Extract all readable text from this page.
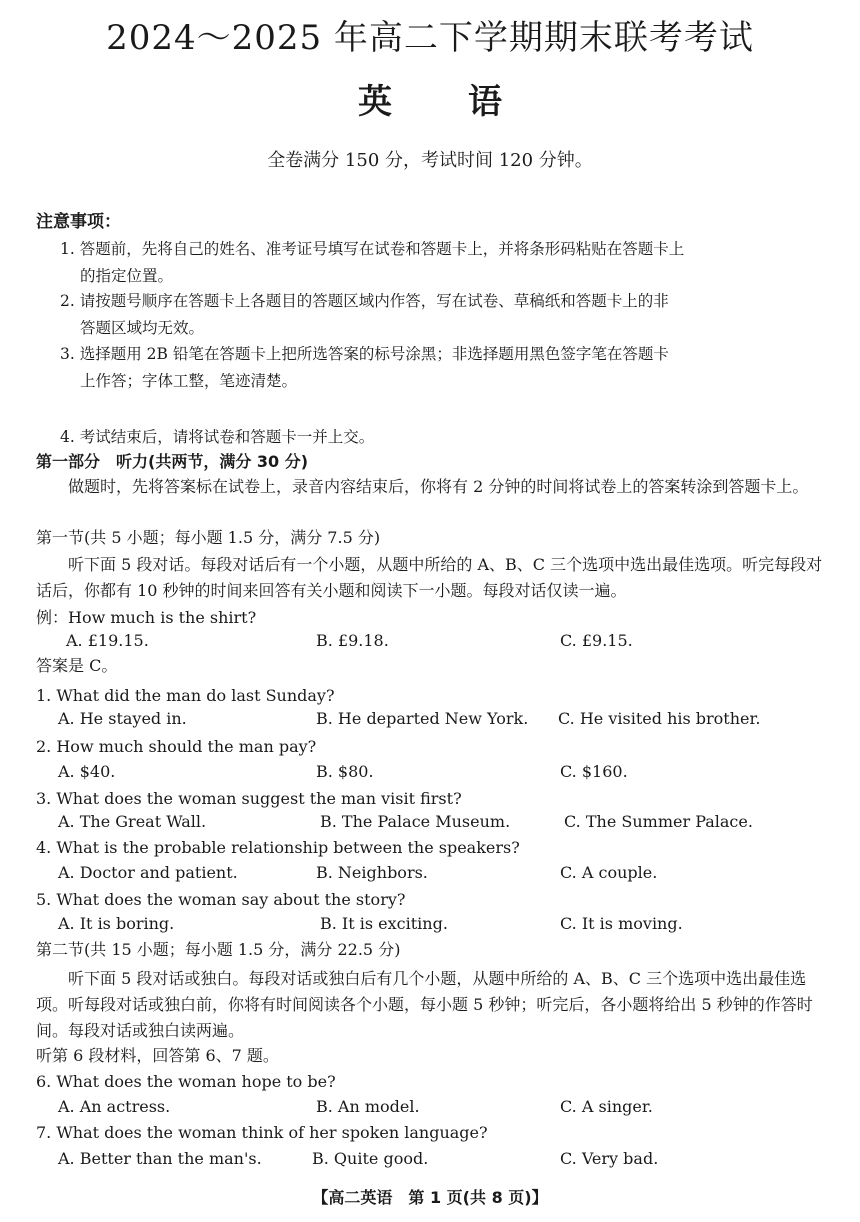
2024～2025 年高二下学期期末联考考试
英 语
全卷满分 150 分，考试时间 120 分钟。
注意事项：
1. 答题前，先将自己的姓名、准考证号填写在试卷和答题卡上，并将条形码粘贴在答题卡上
的指定位置。
2. 请按题号顺序在答题卡上各题目的答题区域内作答，写在试卷、草稿纸和答题卡上的非
答题区域均无效。
3. 选择题用 2B 铅笔在答题卡上把所选答案的标号涂黑；非选择题用黑色签字笔在答题卡
上作答；字体工整，笔迹清楚。
4. 考试结束后，请将试卷和答题卡一并上交。
第一部分　听力(共两节，满分 30 分)
做题时，先将答案标在试卷上，录音内容结束后，你将有 2 分钟的时间将试卷上的答案转涂到答题卡上。
第一节(共 5 小题；每小题 1.5 分，满分 7.5 分)
听下面 5 段对话。每段对话后有一个小题，从题中所给的 A、B、C 三个选项中选出最佳选项。听完每段对话后，你都有 10 秒钟的时间来回答有关小题和阅读下一小题。每段对话仅读一遍。
例：How much is the shirt?
A. £19.15.	B. £9.18.	C. £9.15.
答案是 C。
1. What did the man do last Sunday?
A. He stayed in.	B. He departed New York. C. He visited his brother.
2. How much should the man pay?
A. $40.	B. $80.	C. $160.
3. What does the woman suggest the man visit first?
A. The Great Wall.	B. The Palace Museum.	C. The Summer Palace.
4. What is the probable relationship between the speakers?
A. Doctor and patient.	B. Neighbors.	C. A couple.
5. What does the woman say about the story?
A. It is boring.	B. It is exciting.	C. It is moving.
第二节(共 15 小题；每小题 1.5 分，满分 22.5 分)
听下面 5 段对话或独白。每段对话或独白后有几个小题，从题中所给的 A、B、C 三个选项中选出最佳选项。听每段对话或独白前，你将有时间阅读各个小题，每小题 5 秒钟；听完后，各小题将给出 5 秒钟的作答时间。每段对话或独白读两遍。
听第 6 段材料，回答第 6、7 题。
6. What does the woman hope to be?
A. An actress.	B. An model.	C. A singer.
7. What does the woman think of her spoken language?
A. Better than the man's.	B. Quite good.	C. Very bad.
【高二英语　第 1 页(共 8 页)】
